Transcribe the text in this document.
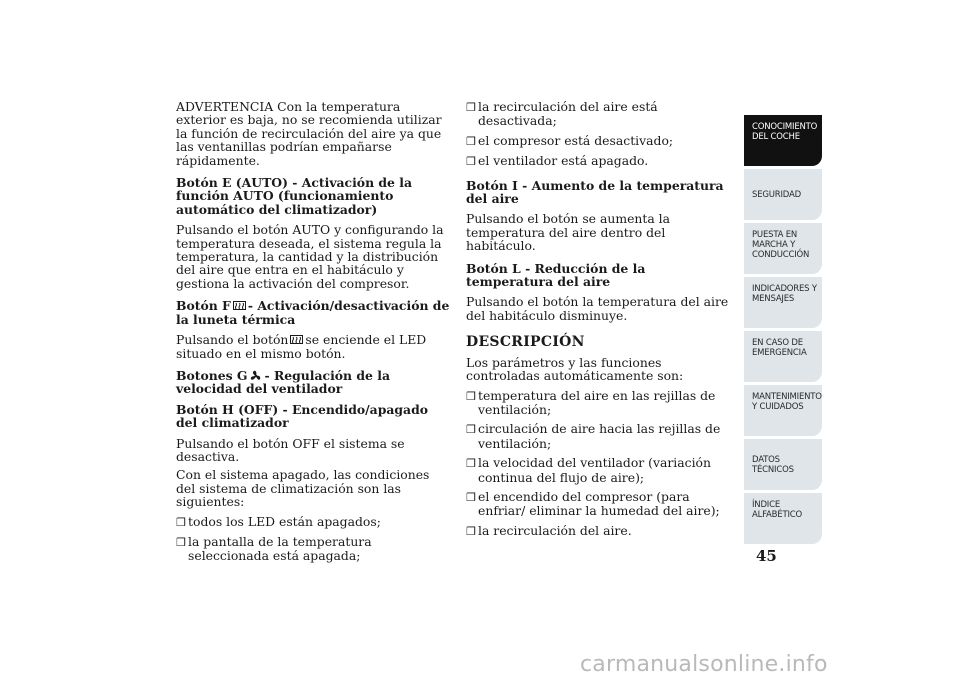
ADVERTENCIA Con la temperatura exterior es baja, no se recomienda utilizar la función de recirculación del aire ya que las ventanillas podrían empañarse rápidamente.

Botón E (AUTO) - Activación de la función AUTO (funcionamiento automático del climatizador)

Pulsando el botón AUTO y configurando la temperatura deseada, el sistema regula la temperatura, la cantidad y la distribución del aire que entra en el habitáculo y gestiona la activación del compresor.

Botón F - Activación/desactivación de la luneta térmica

Pulsando el botón se enciende el LED situado en el mismo botón.

Botones G - Regulación de la velocidad del ventilador

Botón H (OFF) - Encendido/apagado del climatizador

Pulsando el botón OFF el sistema se desactiva.

Con el sistema apagado, las condiciones del sistema de climatización son las siguientes:

❒ todos los LED están apagados;

❒ la pantalla de la temperatura seleccionada está apagada;

❒ la recirculación del aire está desactivada;

❒ el compresor está desactivado;

❒ el ventilador está apagado.

Botón I - Aumento de la temperatura del aire

Pulsando el botón se aumenta la temperatura del aire dentro del habitáculo.

Botón L - Reducción de la temperatura del aire

Pulsando el botón la temperatura del aire del habitáculo disminuye.

DESCRIPCIÓN

Los parámetros y las funciones controladas automáticamente son:

❒ temperatura del aire en las rejillas de ventilación;

❒ circulación de aire hacia las rejillas de ventilación;

❒ la velocidad del ventilador (variación continua del flujo de aire);

❒ el encendido del compresor (para enfriar/ eliminar la humedad del aire);

❒ la recirculación del aire.

CONOCIMIENTO DEL COCHE
SEGURIDAD
PUESTA EN MARCHA Y CONDUCCIÓN
INDICADORES Y MENSAJES
EN CASO DE EMERGENCIA
MANTENIMIENTO Y CUIDADOS
DATOS TÉCNICOS
ÍNDICE ALFABÉTICO
45
carmanualsonline.info
